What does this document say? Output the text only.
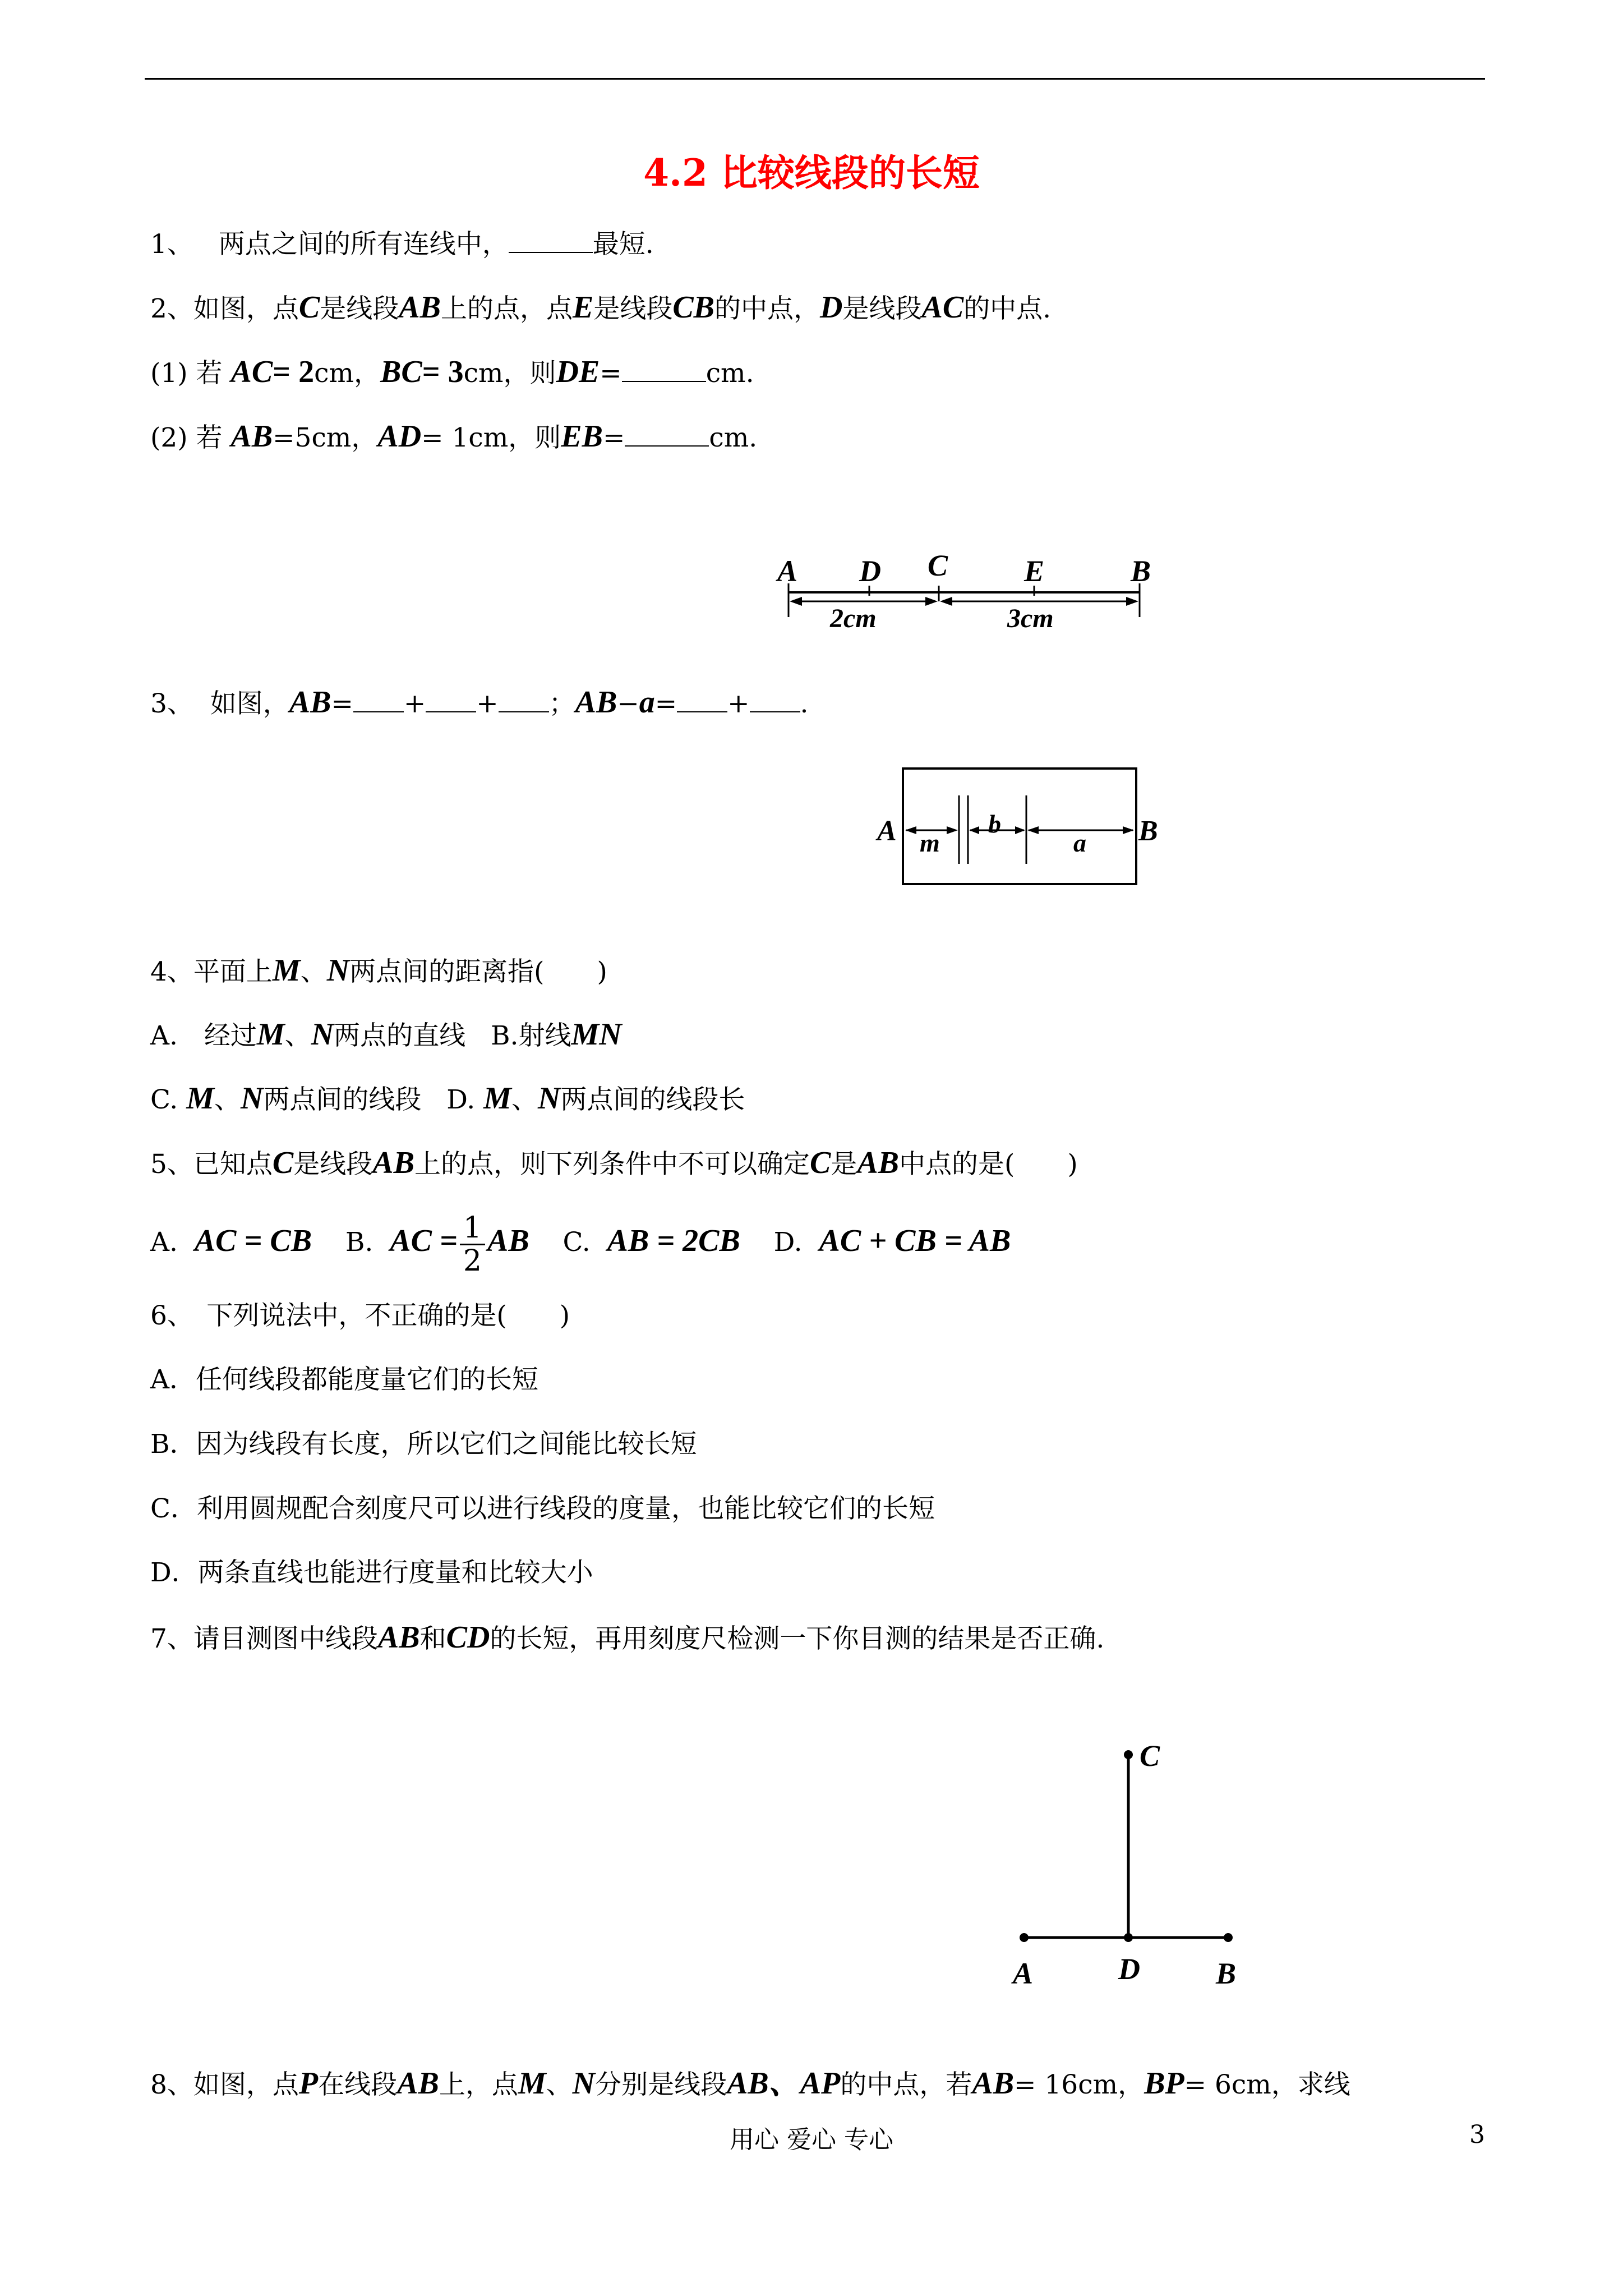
4.2 比较线段的长短
1、 两点之间的所有连线中，	最短.
2、如图，点C是线段AB上的点，点E是线段CB的中点，D是线段AC的中点.
(1) 若 AC= 2cm，BC= 3cm，则DE=	cm.
(2) 若 AB=5cm，AD= 1cm，则EB=	cm.
A D C	E	B
2cm	3cm
3、 如图，AB= + + ；AB−a= + .
A	B
m
b
a
4、平面上M、N两点间的距离指(　　)
A.　经过M、N两点的直线 B.射线MN
C. M、N两点间的线段 D. M、N两点间的线段长
5、已知点C是线段AB上的点，则下列条件中不可以确定C是AB中点的是(　　)
A. AC = CB B. AC = $\frac{1}{2}$ AB C. AB = 2CB D. AC + CB = AB
6、　下列说法中，不正确的是(　　)
A．任何线段都能度量它们的长短
B．因为线段有长度，所以它们之间能比较长短
C．利用圆规配合刻度尺可以进行线段的度量，也能比较它们的长短
D．两条直线也能进行度量和比较大小
7、请目测图中线段AB和CD的长短，再用刻度尺检测一下你目测的结果是否正确.
C
A	D	B
8、如图，点P在线段AB上，点M、N分别是线段AB、AP的中点，若AB= 16cm，BP= 6cm，求线
用心 爱心 专心	3
